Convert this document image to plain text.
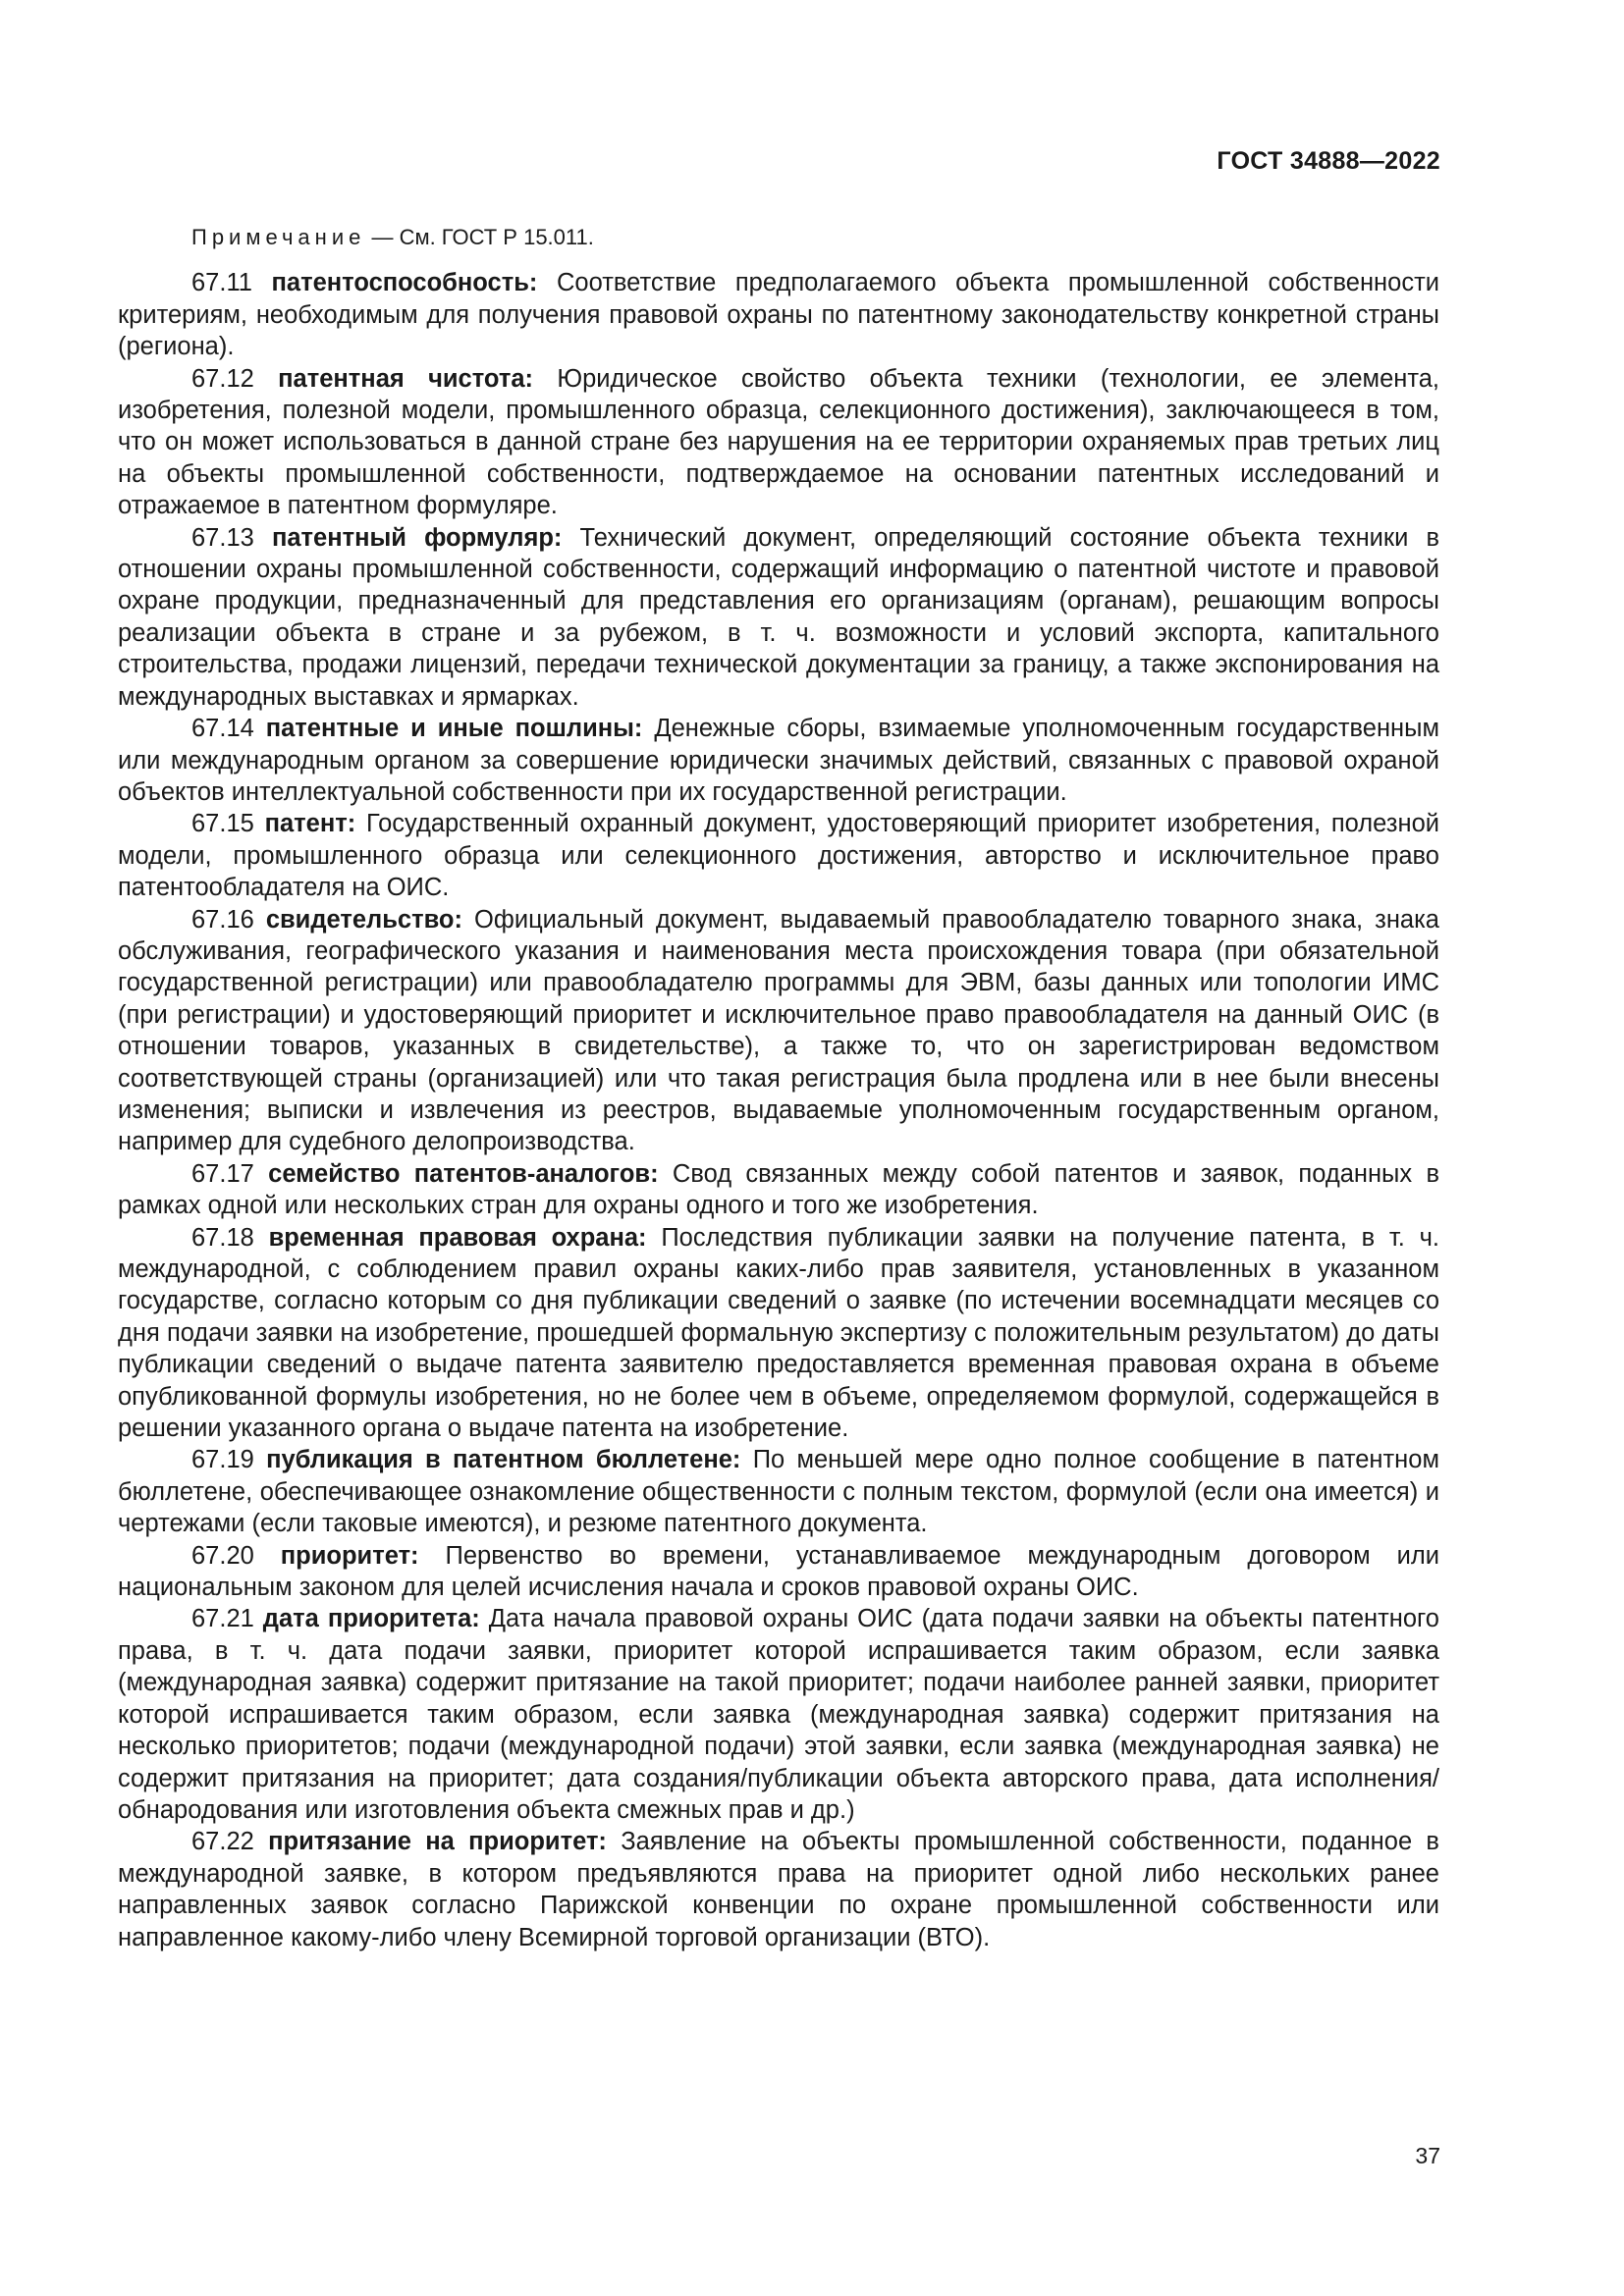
ГОСТ 34888—2022

Примечание — См. ГОСТ Р 15.011.

67.11 патентоспособность: Соответствие предполагаемого объекта промышленной собственности критериям, необходимым для получения правовой охраны по патентному законодательству конкретной страны (региона).

67.12 патентная чистота: Юридическое свойство объекта техники (технологии, ее элемента, изобретения, полезной модели, промышленного образца, селекционного достижения), заключающееся в том, что он может использоваться в данной стране без нарушения на ее территории охраняемых прав третьих лиц на объекты промышленной собственности, подтверждаемое на основании патентных исследований и отражаемое в патентном формуляре.

67.13 патентный формуляр: Технический документ, определяющий состояние объекта техники в отношении охраны промышленной собственности, содержащий информацию о патентной чистоте и правовой охране продукции, предназначенный для представления его организациям (органам), решающим вопросы реализации объекта в стране и за рубежом, в т. ч. возможности и условий экспорта, капитального строительства, продажи лицензий, передачи технической документации за границу, а также экспонирования на международных выставках и ярмарках.

67.14 патентные и иные пошлины: Денежные сборы, взимаемые уполномоченным государственным или международным органом за совершение юридически значимых действий, связанных с правовой охраной объектов интеллектуальной собственности при их государственной регистрации.

67.15 патент: Государственный охранный документ, удостоверяющий приоритет изобретения, полезной модели, промышленного образца или селекционного достижения, авторство и исключительное право патентообладателя на ОИС.

67.16 свидетельство: Официальный документ, выдаваемый правообладателю товарного знака, знака обслуживания, географического указания и наименования места происхождения товара (при обязательной государственной регистрации) или правообладателю программы для ЭВМ, базы данных или топологии ИМС (при регистрации) и удостоверяющий приоритет и исключительное право правообладателя на данный ОИС (в отношении товаров, указанных в свидетельстве), а также то, что он зарегистрирован ведомством соответствующей страны (организацией) или что такая регистрация была продлена или в нее были внесены изменения; выписки и извлечения из реестров, выдаваемые уполномоченным государственным органом, например для судебного делопроизводства.

67.17 семейство патентов-аналогов: Свод связанных между собой патентов и заявок, поданных в рамках одной или нескольких стран для охраны одного и того же изобретения.

67.18 временная правовая охрана: Последствия публикации заявки на получение патента, в т. ч. международной, с соблюдением правил охраны каких-либо прав заявителя, установленных в указанном государстве, согласно которым со дня публикации сведений о заявке (по истечении восемнадцати месяцев со дня подачи заявки на изобретение, прошедшей формальную экспертизу с положительным результатом) до даты публикации сведений о выдаче патента заявителю предоставляется временная правовая охрана в объеме опубликованной формулы изобретения, но не более чем в объеме, определяемом формулой, содержащейся в решении указанного органа о выдаче патента на изобретение.

67.19 публикация в патентном бюллетене: По меньшей мере одно полное сообщение в патентном бюллетене, обеспечивающее ознакомление общественности с полным текстом, формулой (если она имеется) и чертежами (если таковые имеются), и резюме патентного документа.

67.20 приоритет: Первенство во времени, устанавливаемое международным договором или национальным законом для целей исчисления начала и сроков правовой охраны ОИС.

67.21 дата приоритета: Дата начала правовой охраны ОИС (дата подачи заявки на объекты патентного права, в т. ч. дата подачи заявки, приоритет которой испрашивается таким образом, если заявка (международная заявка) содержит притязание на такой приоритет; подачи наиболее ранней заявки, приоритет которой испрашивается таким образом, если заявка (международная заявка) содержит притязания на несколько приоритетов; подачи (международной подачи) этой заявки, если заявка (международная заявка) не содержит притязания на приоритет; дата создания/публикации объекта авторского права, дата исполнения/обнародования или изготовления объекта смежных прав и др.)

67.22 притязание на приоритет: Заявление на объекты промышленной собственности, поданное в международной заявке, в котором предъявляются права на приоритет одной либо нескольких ранее направленных заявок согласно Парижской конвенции по охране промышленной собственности или направленное какому-либо члену Всемирной торговой организации (ВТО).

37
